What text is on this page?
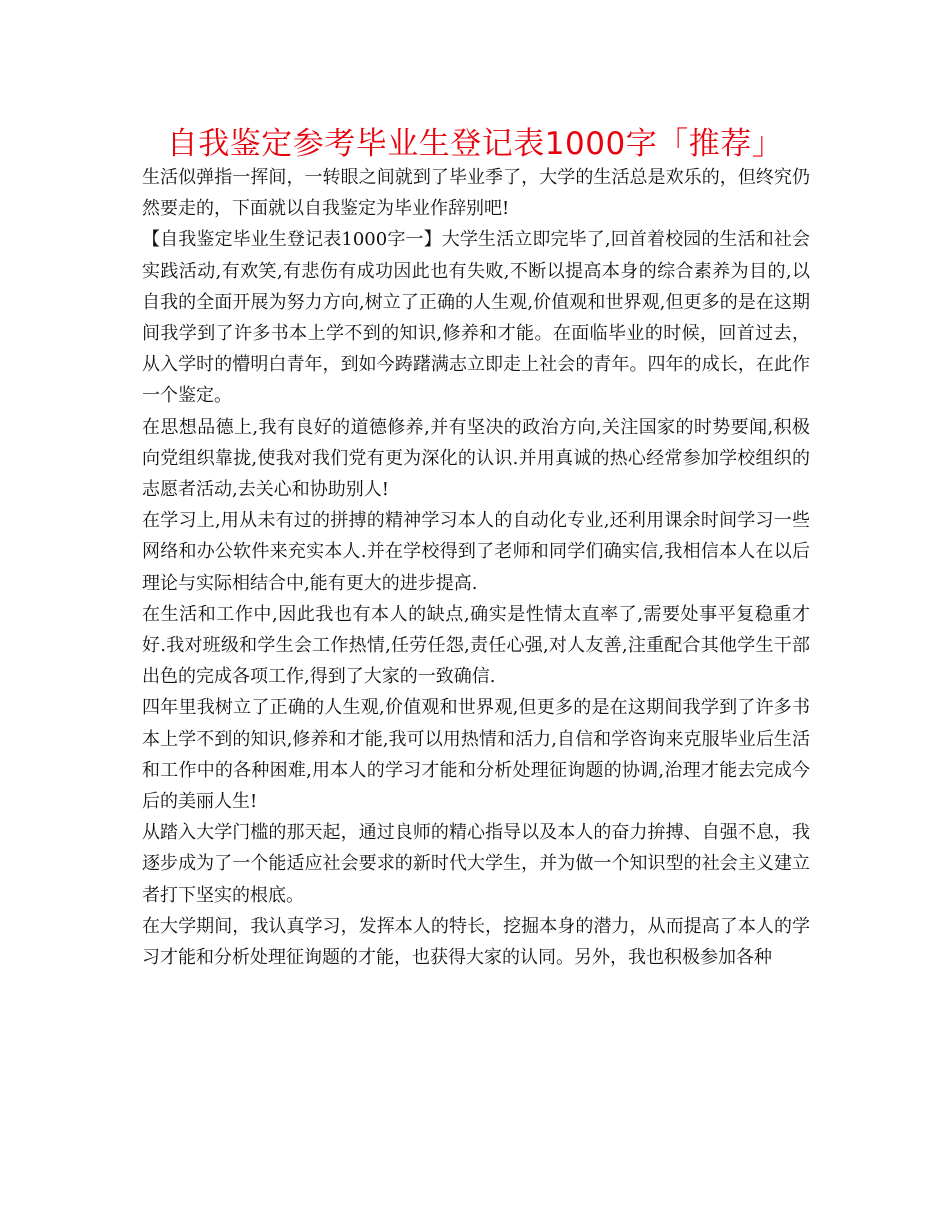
自我鉴定参考毕业生登记表1000字「推荐」

生活似弹指一挥间，一转眼之间就到了毕业季了，大学的生活总是欢乐的，但终究仍然要走的，下面就以自我鉴定为毕业作辞别吧!

【自我鉴定毕业生登记表1000字一】大学生活立即完毕了,回首着校园的生活和社会实践活动,有欢笑,有悲伤有成功因此也有失败,不断以提高本身的综合素养为目的,以自我的全面开展为努力方向,树立了正确的人生观,价值观和世界观,但更多的是在这期间我学到了许多书本上学不到的知识,修养和才能。在面临毕业的时候，回首过去，从入学时的懵明白青年，到如今踌躇满志立即走上社会的青年。四年的成长，在此作一个鉴定。

在思想品德上,我有良好的道德修养,并有坚决的政治方向,关注国家的时势要闻,积极向党组织靠拢,使我对我们党有更为深化的认识.并用真诚的热心经常参加学校组织的志愿者活动,去关心和协助别人!

在学习上,用从未有过的拼搏的精神学习本人的自动化专业,还利用课余时间学习一些网络和办公软件来充实本人.并在学校得到了老师和同学们确实信,我相信本人在以后理论与实际相结合中,能有更大的进步提高.

在生活和工作中,因此我也有本人的缺点,确实是性情太直率了,需要处事平复稳重才好.我对班级和学生会工作热情,任劳任怨,责任心强,对人友善,注重配合其他学生干部出色的完成各项工作,得到了大家的一致确信.

四年里我树立了正确的人生观,价值观和世界观,但更多的是在这期间我学到了许多书本上学不到的知识,修养和才能,我可以用热情和活力,自信和学咨询来克服毕业后生活和工作中的各种困难,用本人的学习才能和分析处理征询题的协调,治理才能去完成今后的美丽人生!

从踏入大学门槛的那天起，通过良师的精心指导以及本人的奋力拚搏、自强不息，我逐步成为了一个能适应社会要求的新时代大学生，并为做一个知识型的社会主义建立者打下坚实的根底。

在大学期间，我认真学习，发挥本人的特长，挖掘本身的潜力，从而提高了本人的学习才能和分析处理征询题的才能，也获得大家的认同。另外，我也积极参加各种
